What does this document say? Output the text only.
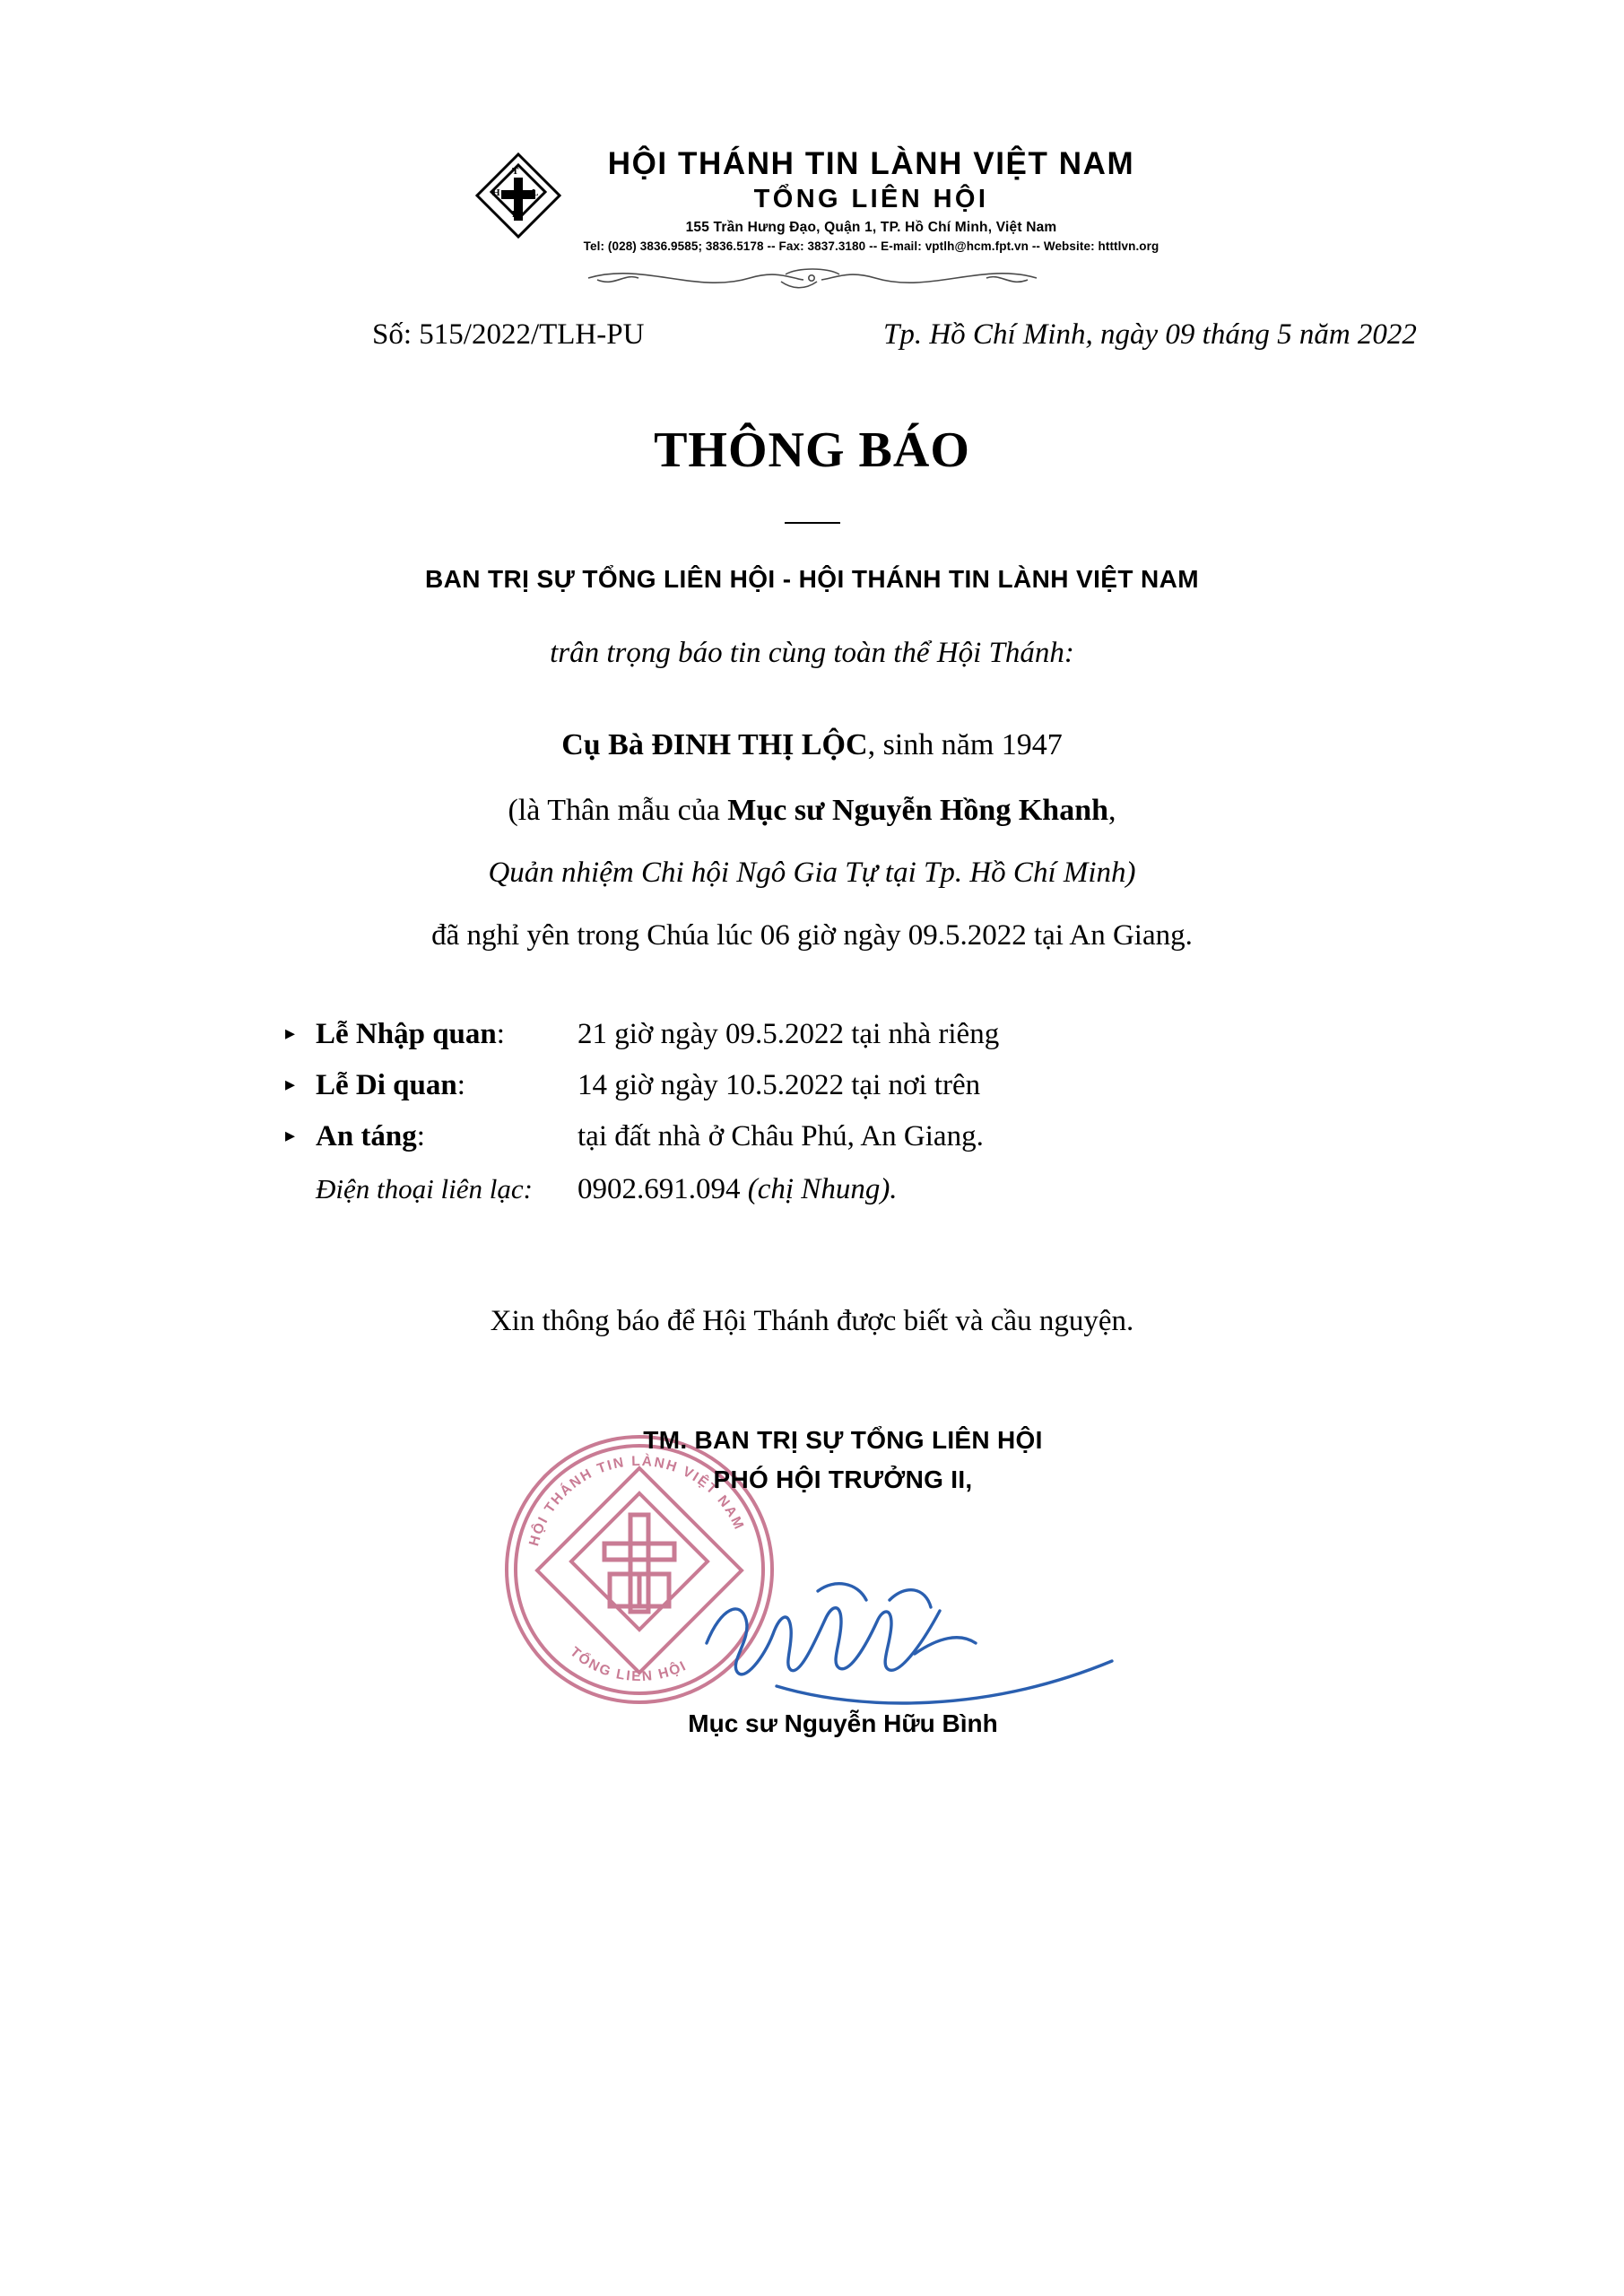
T
L
H
H
HỘI THÁNH TIN LÀNH VIỆT NAM
TỔNG LIÊN HỘI
155 Trần Hưng Đạo, Quận 1, TP. Hồ Chí Minh, Việt Nam
Tel: (028) 3836.9585; 3836.5178 -- Fax: 3837.3180 -- E-mail: vptlh@hcm.fpt.vn -- Website: htttlvn.org
Số: 515/2022/TLH-PU	Tp. Hồ Chí Minh, ngày 09 tháng 5 năm 2022
THÔNG BÁO
BAN TRỊ SỰ TỔNG LIÊN HỘI - HỘI THÁNH TIN LÀNH VIỆT NAM
trân trọng báo tin cùng toàn thể Hội Thánh:
Cụ Bà ĐINH THỊ LỘC, sinh năm 1947
(là Thân mẫu của Mục sư Nguyễn Hồng Khanh,
Quản nhiệm Chi hội Ngô Gia Tự tại Tp. Hồ Chí Minh)
đã nghỉ yên trong Chúa lúc 06 giờ ngày 09.5.2022 tại An Giang.
▸ Lễ Nhập quan:	21 giờ ngày 09.5.2022 tại nhà riêng
▸ Lễ Di quan:	14 giờ ngày 10.5.2022 tại nơi trên
▸ An táng:	tại đất nhà ở Châu Phú, An Giang.
Điện thoại liên lạc:	0902.691.094 (chị Nhung).
Xin thông báo để Hội Thánh được biết và cầu nguyện.
HỘI THÁNH TIN LÀNH VIỆT NAM
TỔNG LIÊN HỘI
TM. BAN TRỊ SỰ TỔNG LIÊN HỘI
PHÓ HỘI TRƯỞNG II,
Mục sư Nguyễn Hữu Bình
